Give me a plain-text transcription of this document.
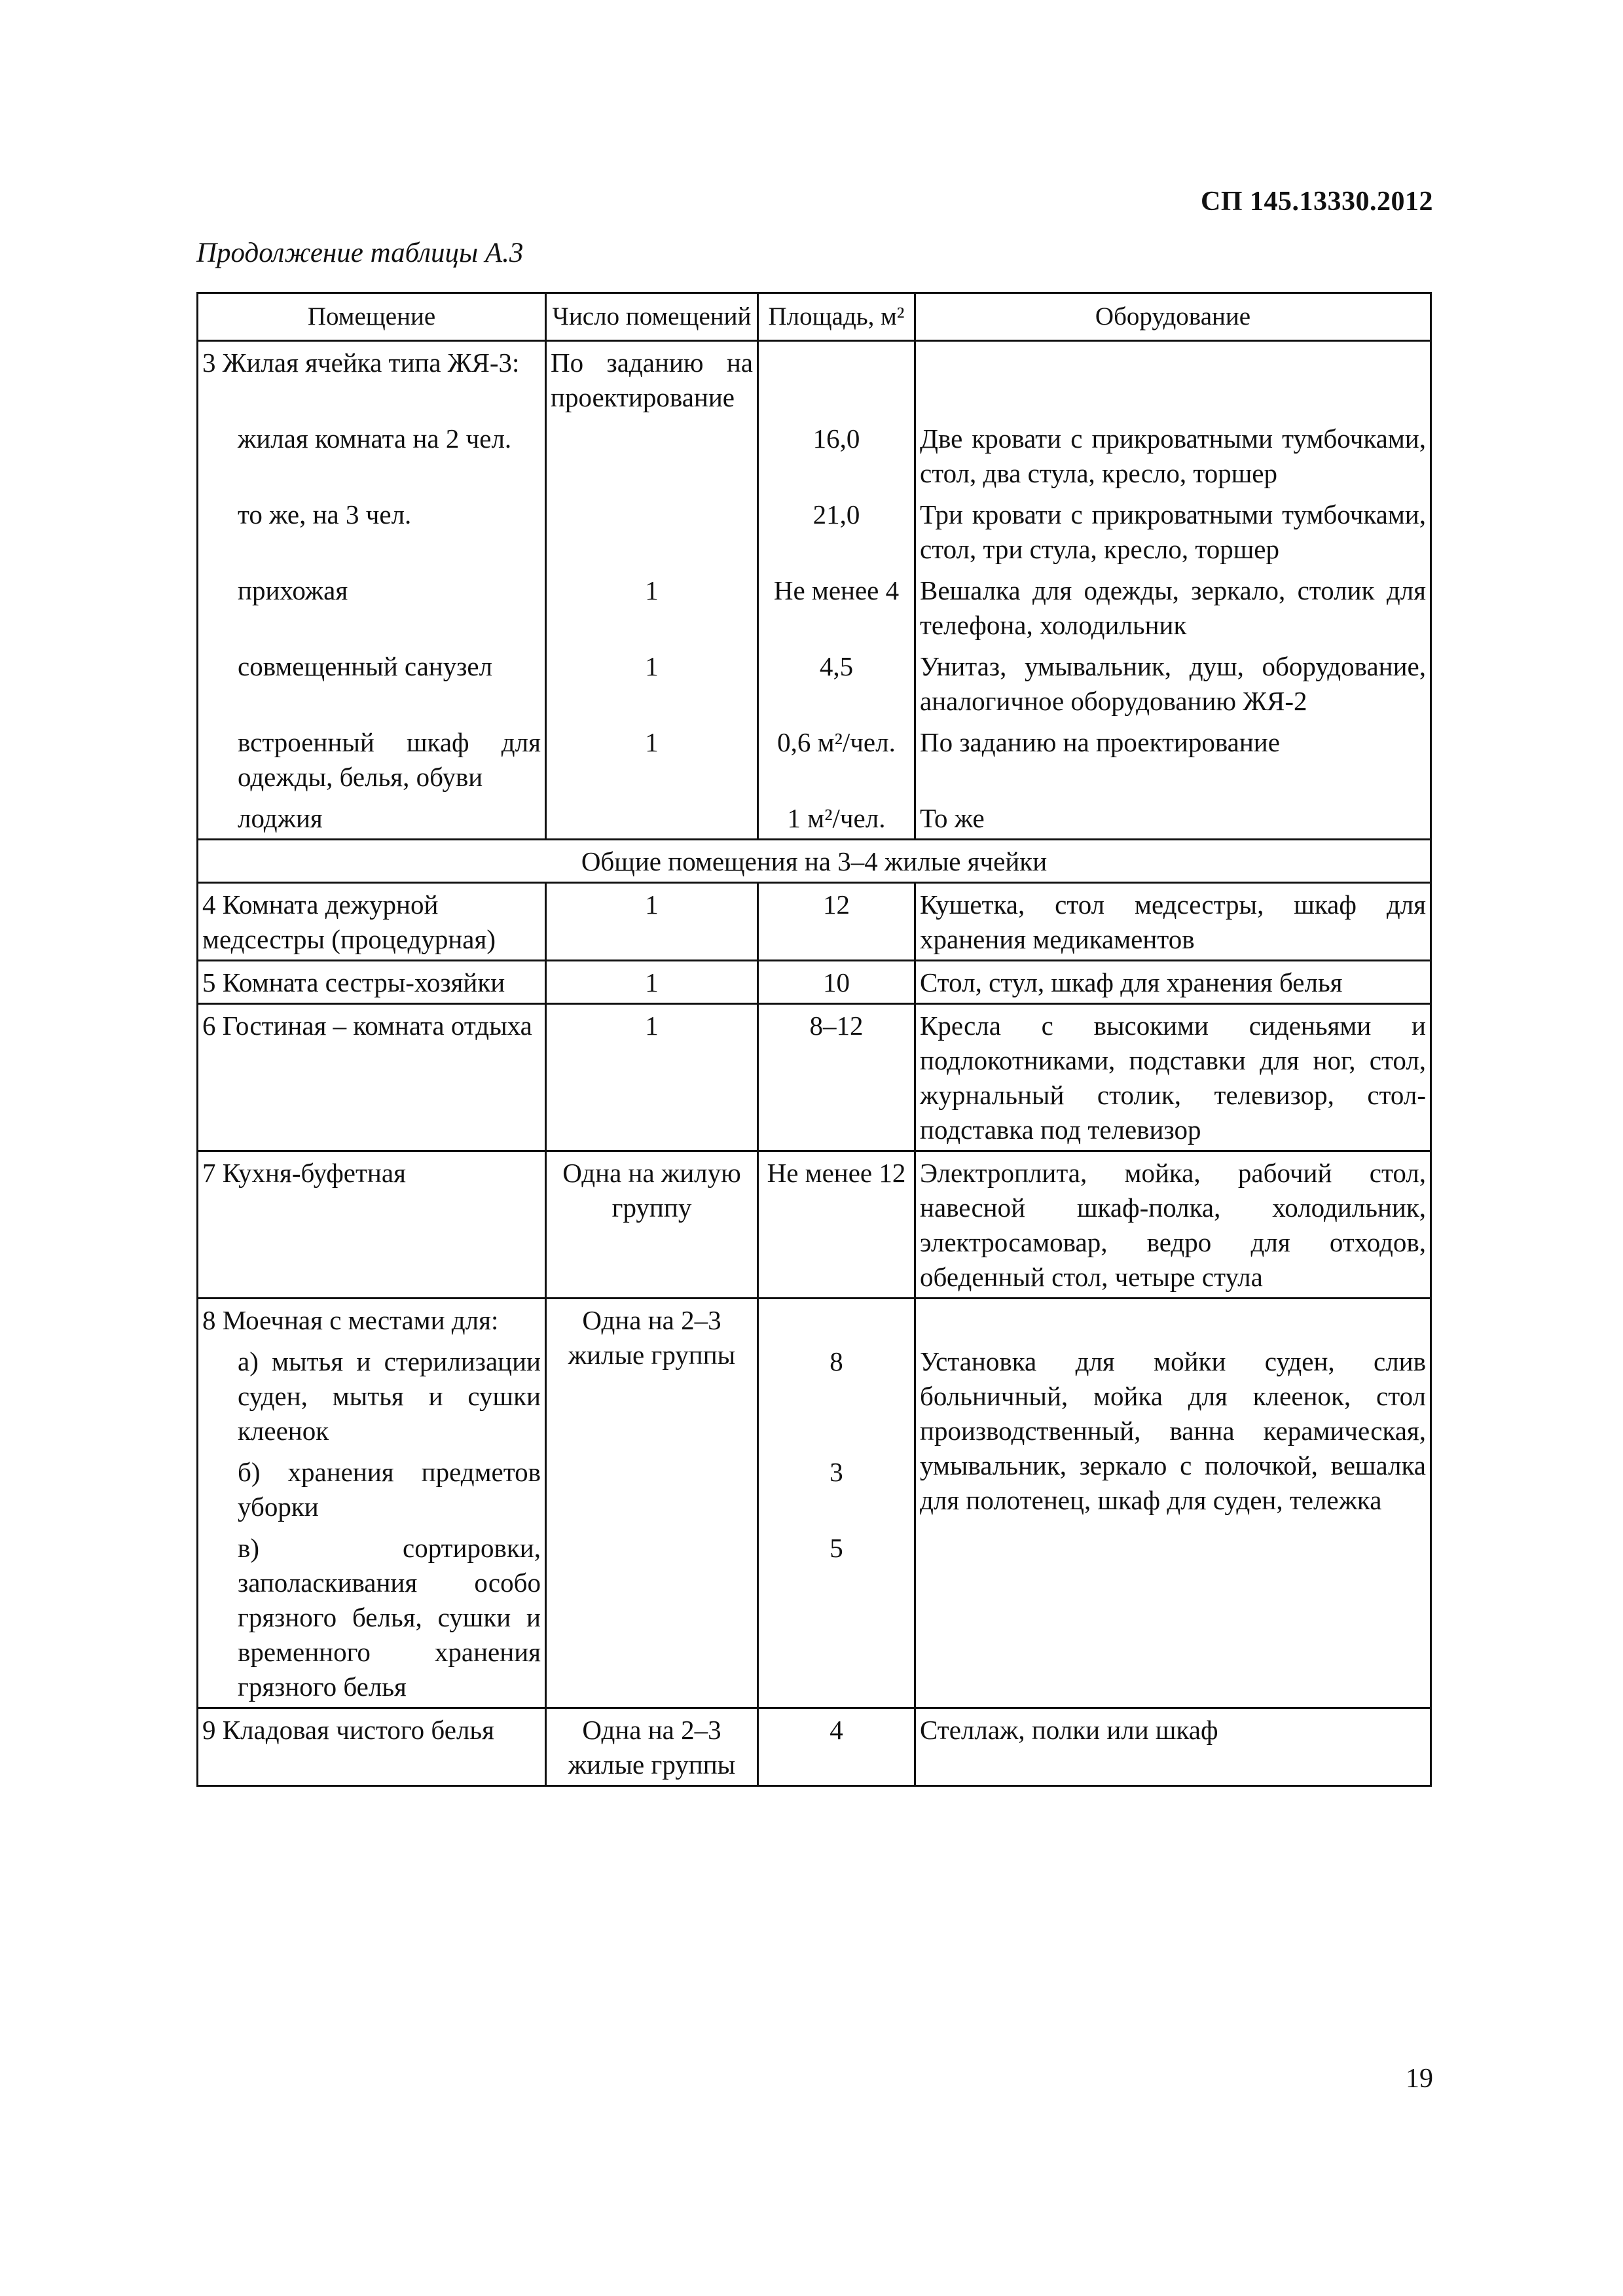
СП 145.13330.2012
Продолжение таблицы А.3
Помещение	Число помещений	Площадь, м²	Оборудование
3 Жилая ячейка типа ЖЯ-3:	По заданию на проектирование		
жилая комната на 2 чел.		16,0	Две кровати с прикроватными тумбочками, стол, два стула, кресло, торшер
то же, на 3 чел.		21,0	Три кровати с прикроватными тумбочками, стол, три стула, кресло, торшер
прихожая	1	Не менее 4	Вешалка для одежды, зеркало, столик для телефона, холодильник
совмещенный санузел	1	4,5	Унитаз, умывальник, душ, оборудование, аналогичное оборудованию ЖЯ-2
встроенный шкаф для одежды, белья, обуви	1	0,6 м²/чел.	По заданию на проектирование
лоджия		1 м²/чел.	То же
Общие помещения на 3–4 жилые ячейки			
4 Комната дежурной медсестры (процедурная)	1	12	Кушетка, стол медсестры, шкаф для хранения медикаментов
5 Комната сестры-хозяйки	1	10	Стол, стул, шкаф для хранения белья
6 Гостиная – комната отдыха	1	8–12	Кресла с высокими сиденьями и подлокотниками, подставки для ног, стол, журнальный столик, телевизор, стол-подставка под телевизор
7 Кухня-буфетная	Одна на жилую группу	Не менее 12	Электроплита, мойка, рабочий стол, навесной шкаф-полка, холодильник, электросамовар, ведро для отходов, обеденный стол, четыре стула
8 Моечная с местами для:	Одна на 2–3 жилые группы		
а) мытья и стерилизации суден, мытья и сушки клеенок		8	Установка для мойки суден, слив больничный, мойка для клеенок, стол производственный, ванна керамическая, умывальник, зеркало с полочкой, вешалка для полотенец, шкаф для суден, тележка
б) хранения предметов уборки		3	
в) сортировки, заполаскивания особо грязного белья, сушки и временного хранения грязного белья		5	
9 Кладовая чистого белья	Одна на 2–3 жилые группы	4	Стеллаж, полки или шкаф
19
